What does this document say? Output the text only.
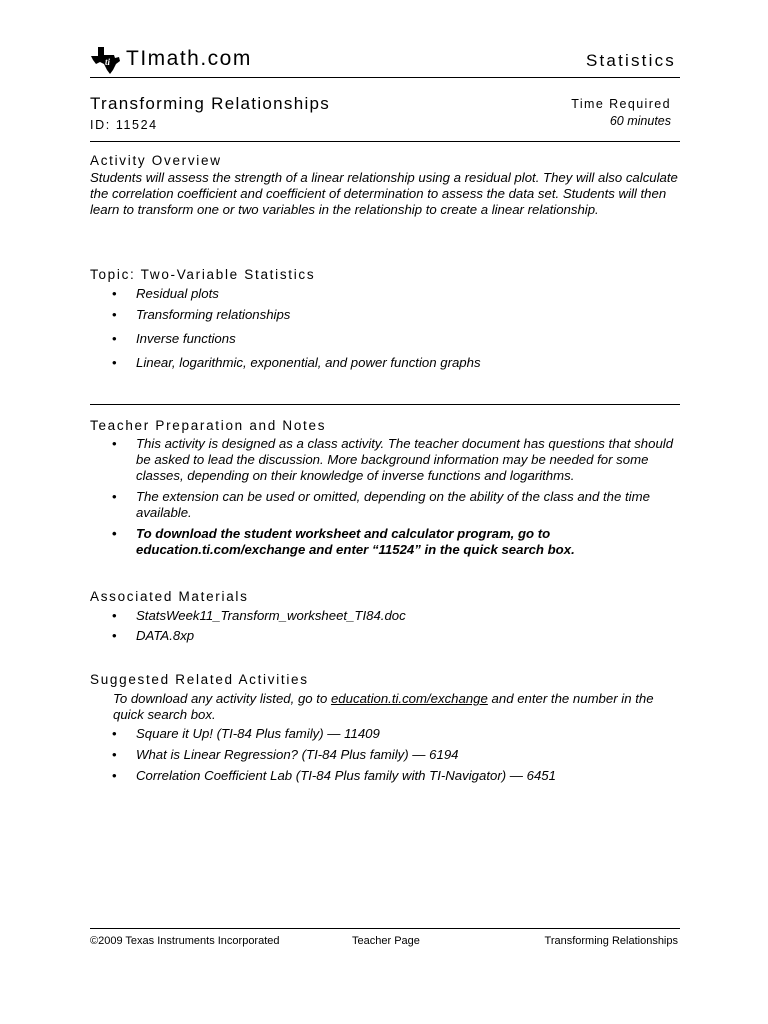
ti TImath.com	Statistics
Transforming Relationships
ID: 11524
Time Required
60 minutes
Activity Overview
Students will assess the strength of a linear relationship using a residual plot. They will also calculate the correlation coefficient and coefficient of determination to assess the data set. Students will then learn to transform one or two variables in the relationship to create a linear relationship.
Topic: Two-Variable Statistics
• Residual plots
• Transforming relationships
• Inverse functions
• Linear, logarithmic, exponential, and power function graphs
Teacher Preparation and Notes
• This activity is designed as a class activity. The teacher document has questions that should be asked to lead the discussion. More background information may be needed for some classes, depending on their knowledge of inverse functions and logarithms.
• The extension can be used or omitted, depending on the ability of the class and the time available.
• To download the student worksheet and calculator program, go to education.ti.com/exchange and enter “11524” in the quick search box.
Associated Materials
• StatsWeek11_Transform_worksheet_TI84.doc
• DATA.8xp
Suggested Related Activities
To download any activity listed, go to education.ti.com/exchange and enter the number in the quick search box.
• Square it Up! (TI-84 Plus family) — 11409
• What is Linear Regression? (TI-84 Plus family) — 6194
• Correlation Coefficient Lab (TI-84 Plus family with TI-Navigator) — 6451
©2009 Texas Instruments Incorporated	Teacher Page	Transforming Relationships
